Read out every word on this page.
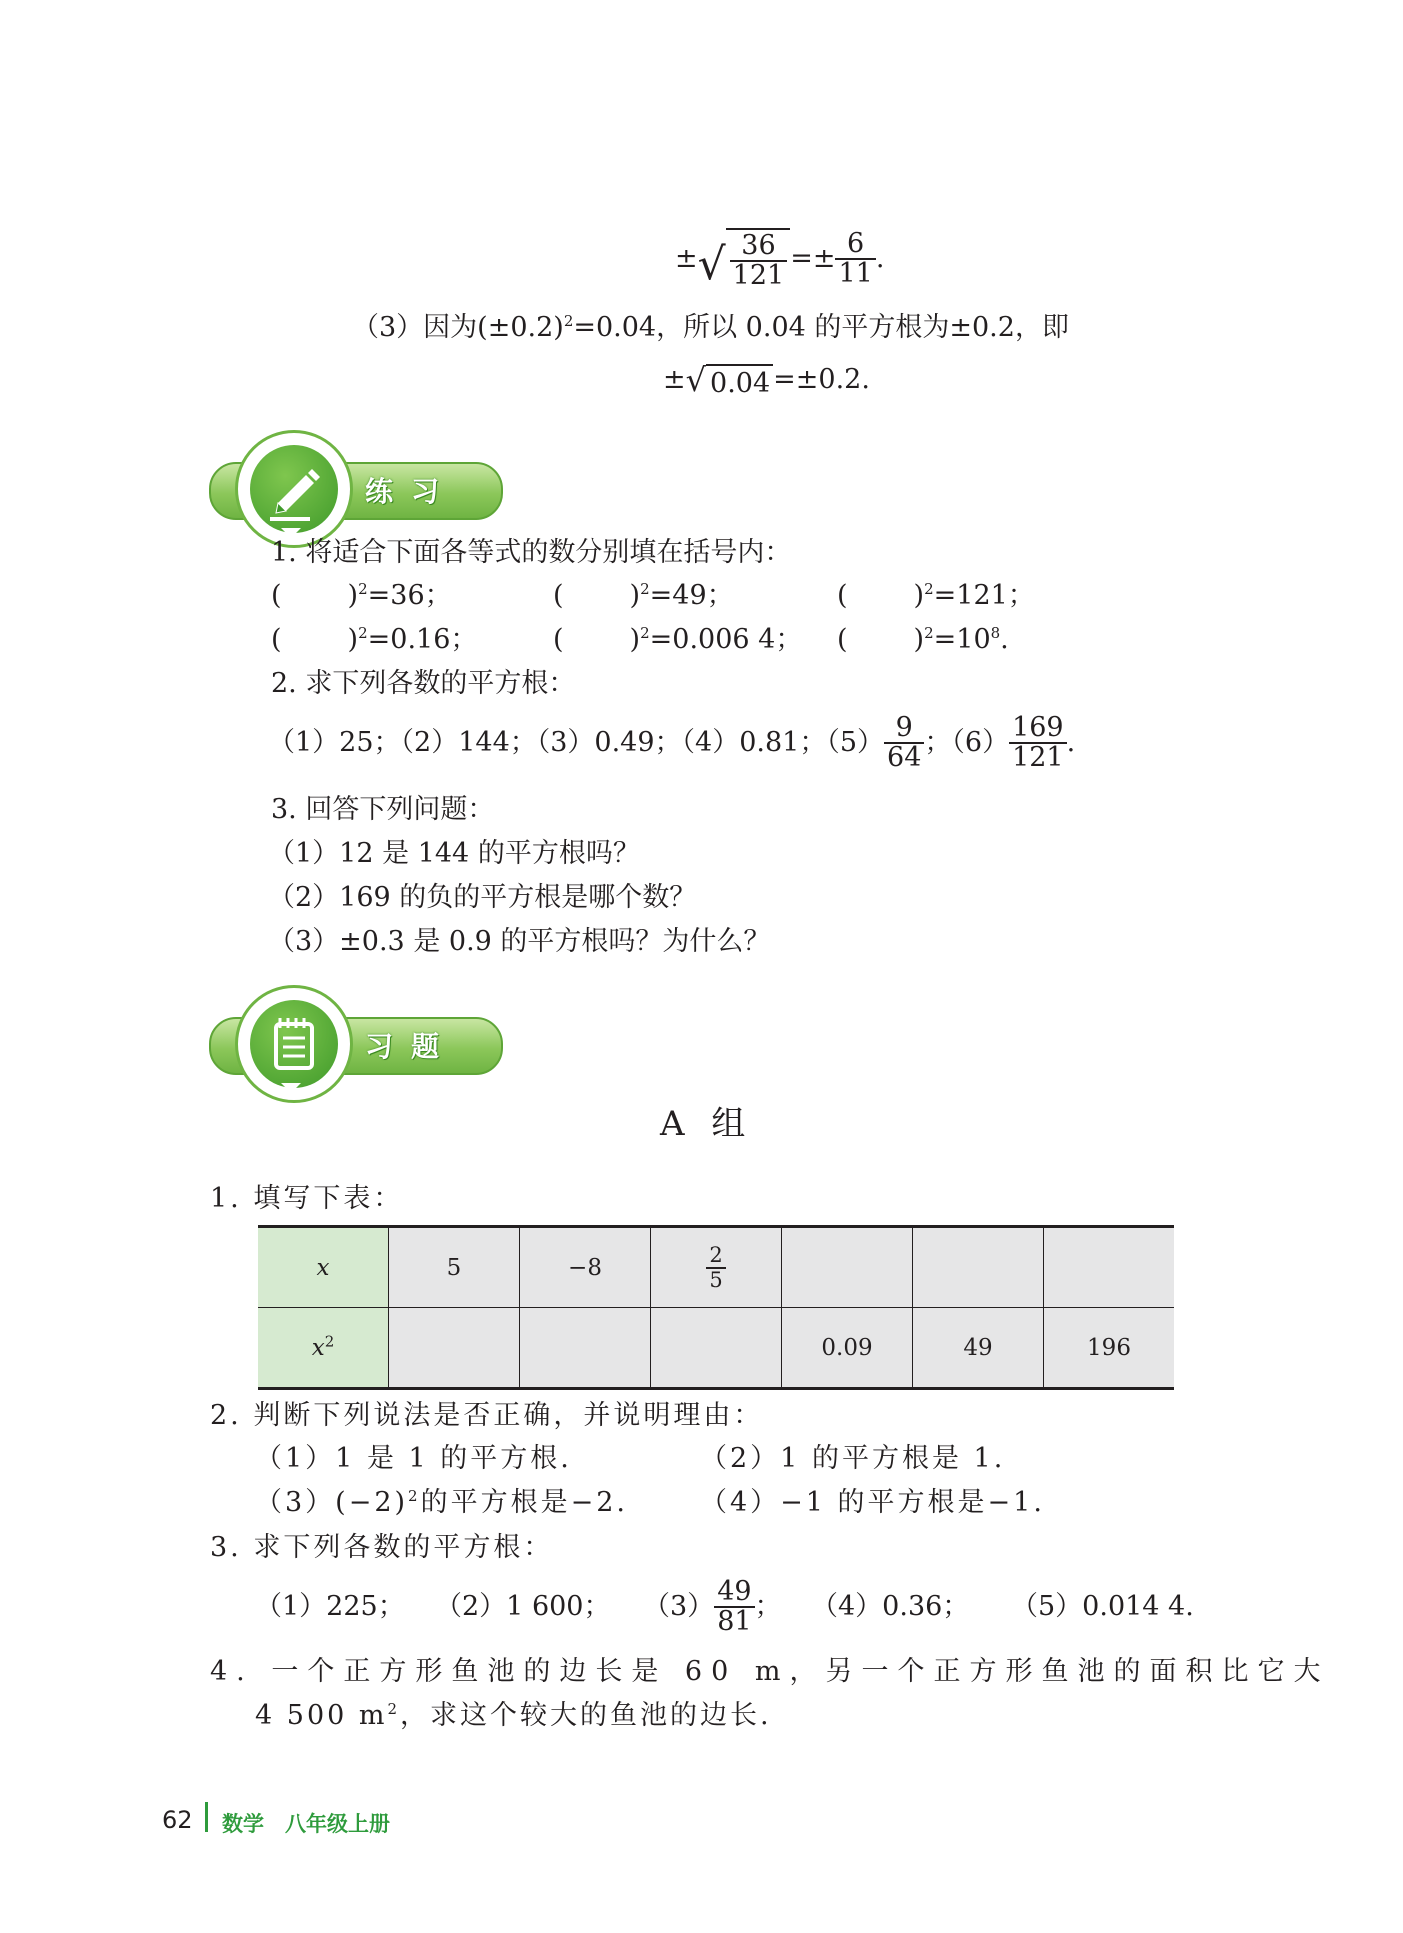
±√ $\frac{36}{121} =\pm \frac{6}{11}$ .
（3）因为$(\pm 0.2)^2=0.04$，所以 0.04 的平方根为±0.2，即
±√ 0.04 =±0.2.
练习
1. 将适合下面各等式的数分别填在括号内：
( )$^2$=36；	( )$^2$=49；	( )$^2$=121；
( )$^2$=0.16；	( )$^2$=0.006 4； ( )$^2=10^8$.
2. 求下列各数的平方根：
（1）25；（2）144；（3）0.49；（4）0.81；$(5) \frac{9}{64}$ ；$(6) \frac{169}{121}$ .
3. 回答下列问题：
（1）12 是 144 的平方根吗？
（2）169 的负的平方根是哪个数？
（3）±0.3 是 0.9 的平方根吗？为什么？
习题
A 组
1. 填写下表：
x	5	−8	$\frac{2}{5}$

$x^2$				0.09	49	196
2. 判断下列说法是否正确，并说明理由：
（1）1 是 1 的平方根.	（2）1 的平方根是 1.
$(3)(-2)^2$的平方根是−2.	（4）−1 的平方根是−1.
3. 求下列各数的平方根：
（1）225； （2）1 600； $(3) \frac{49}{81}$ ； （4）0.36； （5）0.014 4.
4. 一个正方形鱼池的边长是 60 m，另一个正方形鱼池的面积比它大
4 500 $m^2$，求这个较大的鱼池的边长.
62 数学　八年级上册
